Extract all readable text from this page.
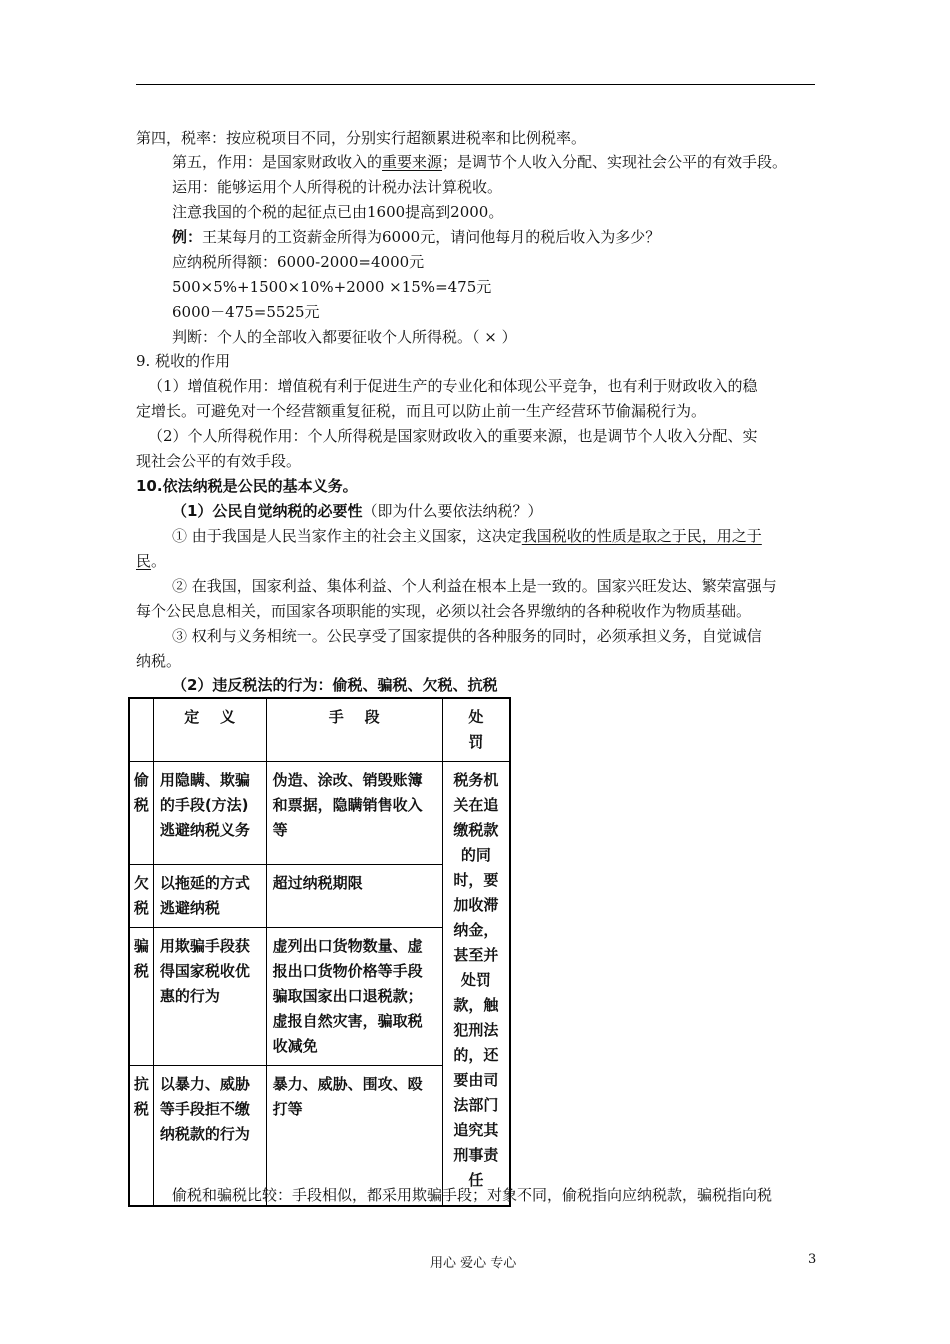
第四，税率：按应税项目不同，分别实行超额累进税率和比例税率。
第五，作用：是国家财政收入的重要来源；是调节个人收入分配、实现社会公平的有效手段。
运用：能够运用个人所得税的计税办法计算税收。
注意我国的个税的起征点已由1600提高到2000。
例：王某每月的工资薪金所得为6000元，请问他每月的税后收入为多少？
应纳税所得额：6000-2000=4000元
500×5%+1500×10%+2000 ×15%=475元
6000－475=5525元
判断：个人的全部收入都要征收个人所得税。（ × ）
9. 税收的作用
（1）增值税作用：增值税有利于促进生产的专业化和体现公平竞争，也有利于财政收入的稳
定增长。可避免对一个经营额重复征税，而且可以防止前一生产经营环节偷漏税行为。
（2）个人所得税作用：个人所得税是国家财政收入的重要来源，也是调节个人收入分配、实
现社会公平的有效手段。
10.依法纳税是公民的基本义务。
（1）公民自觉纳税的必要性（即为什么要依法纳税？）
① 由于我国是人民当家作主的社会主义国家，这决定我国税收的性质是取之于民，用之于
民。
② 在我国，国家利益、集体利益、个人利益在根本上是一致的。国家兴旺发达、繁荣富强与
每个公民息息相关，而国家各项职能的实现，必须以社会各界缴纳的各种税收作为物质基础。
③ 权利与义务相统一。公民享受了国家提供的各种服务的同时，必须承担义务，自觉诚信
纳税。
（2）违反税法的行为：偷税、骗税、欠税、抗税
	定    义	手    段	处
罚
偷
税	用隐瞒、欺骗的手段(方法)逃避纳税义务	伪造、涂改、销毁账簿和票据，隐瞒销售收入等	税务机关在追缴税款的同时，要加收滞纳金，甚至并处罚款，触犯刑法的，还要由司法部门追究其刑事责任
欠
税	以拖延的方式逃避纳税	超过纳税期限	
骗
税	用欺骗手段获得国家税收优惠的行为	虚列出口货物数量、虚报出口货物价格等手段骗取国家出口退税款；虚报自然灾害，骗取税收减免	
抗
税	以暴力、威胁等手段拒不缴纳税款的行为	暴力、威胁、围攻、殴打等	
偷税和骗税比较：手段相似，都采用欺骗手段；对象不同，偷税指向应纳税款，骗税指向税
用心 爱心 专心	3
